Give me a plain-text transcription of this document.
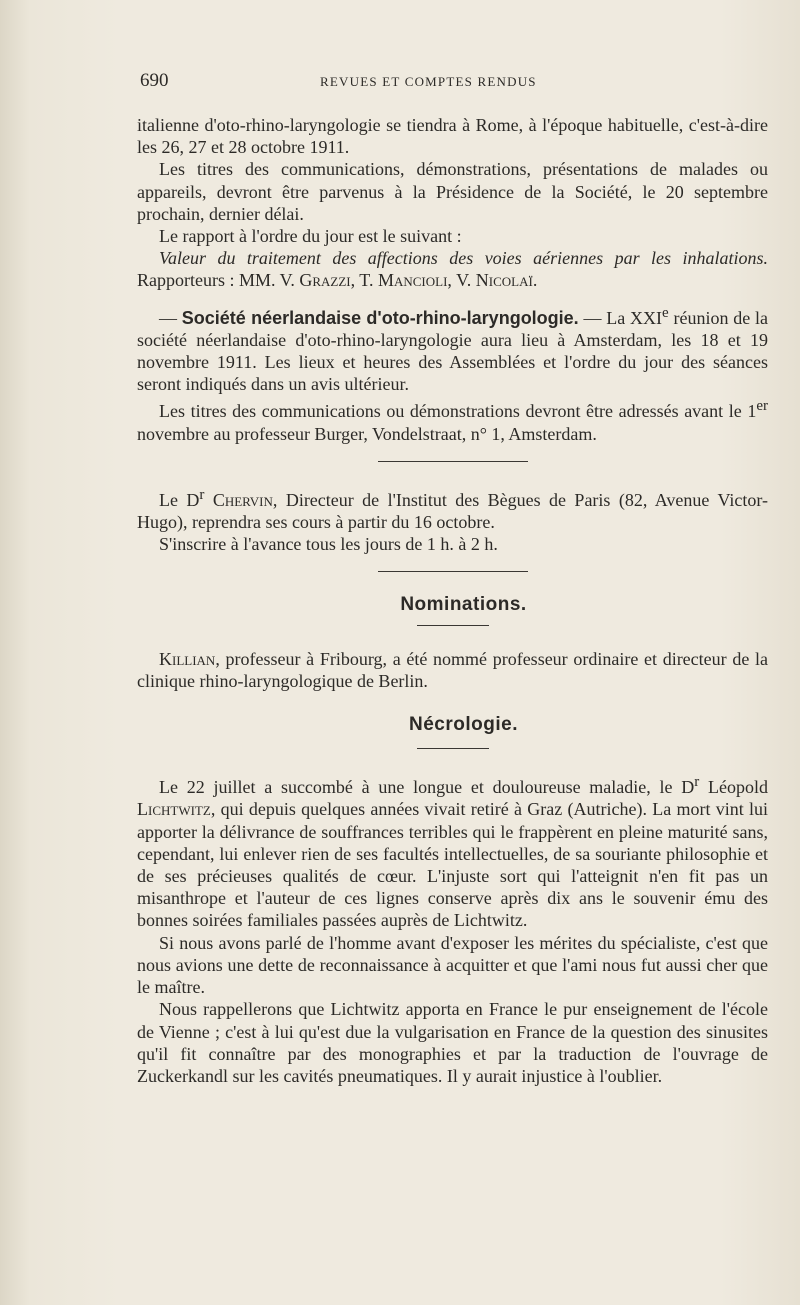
690	REVUES ET COMPTES RENDUS

italienne d'oto-rhino-laryngologie se tiendra à Rome, à l'époque habituelle, c'est-à-dire les 26, 27 et 28 octobre 1911.

Les titres des communications, démonstrations, présentations de malades ou appareils, devront être parvenus à la Présidence de la Société, le 20 septembre prochain, dernier délai.

Le rapport à l'ordre du jour est le suivant :

Valeur du traitement des affections des voies aériennes par les inhalations. Rapporteurs : MM. V. Grazzi, T. Mancioli, V. Nicolaï.

— Société néerlandaise d'oto-rhino-laryngologie. — La XXIe réunion de la société néerlandaise d'oto-rhino-laryngologie aura lieu à Amsterdam, les 18 et 19 novembre 1911. Les lieux et heures des Assemblées et l'ordre du jour des séances seront indiqués dans un avis ultérieur.

Les titres des communications ou démonstrations devront être adressés avant le 1er novembre au professeur Burger, Vondelstraat, n° 1, Amsterdam.

Le $D^r$ Chervin, Directeur de l'Institut des Bègues de Paris (82, Avenue Victor-Hugo), reprendra ses cours à partir du 16 octobre.

S'inscrire à l'avance tous les jours de 1 h. à 2 h.

Nominations.

Killian, professeur à Fribourg, a été nommé professeur ordinaire et directeur de la clinique rhino-laryngologique de Berlin.

Nécrologie.

Le 22 juillet a succombé à une longue et douloureuse maladie, le $D^r$ Léopold Lichtwitz, qui depuis quelques années vivait retiré à Graz (Autriche). La mort vint lui apporter la délivrance de souffrances terribles qui le frappèrent en pleine maturité sans, cependant, lui enlever rien de ses facultés intellectuelles, de sa souriante philosophie et de ses précieuses qualités de cœur. L'injuste sort qui l'atteignit n'en fit pas un misanthrope et l'auteur de ces lignes conserve après dix ans le souvenir ému des bonnes soirées familiales passées auprès de Lichtwitz.

Si nous avons parlé de l'homme avant d'exposer les mérites du spécialiste, c'est que nous avions une dette de reconnaissance à acquitter et que l'ami nous fut aussi cher que le maître.

Nous rappellerons que Lichtwitz apporta en France le pur enseignement de l'école de Vienne ; c'est à lui qu'est due la vulgarisation en France de la question des sinusites qu'il fit connaître par des monographies et par la traduction de l'ouvrage de Zuckerkandl sur les cavités pneumatiques. Il y aurait injustice à l'oublier.
